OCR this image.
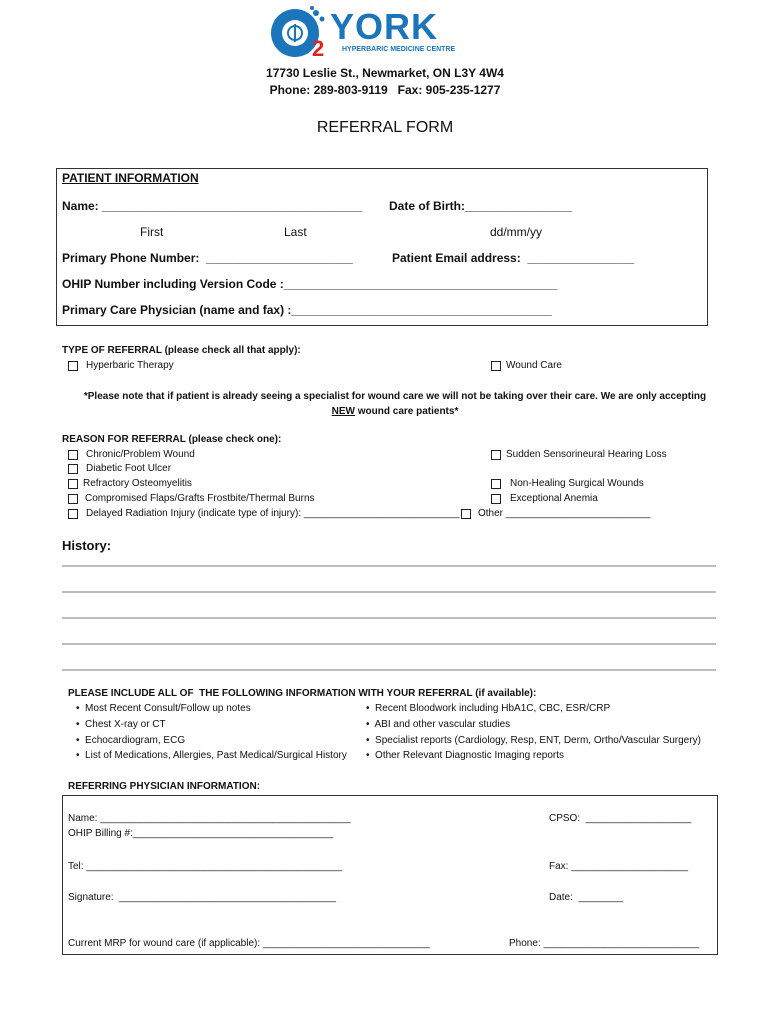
2
YORK
HYPERBARIC MEDICINE CENTRE
17730 Leslie St., Newmarket, ON L3Y 4W4
Phone: 289-803-9119   Fax: 905-235-1277
REFERRAL FORM
PATIENT INFORMATION
Name: _______________________________________ Date of Birth:________________
First	Last	dd/mm/yy
Primary Phone Number:  ______________________	Patient Email address:  ________________
OHIP Number including Version Code :_________________________________________
Primary Care Physician (name and fax) :_______________________________________
TYPE OF REFERRAL (please check all that apply):
Hyperbaric Therapy	Wound Care
*Please note that if patient is already seeing a specialist for wound care we will not be taking over their care. We are only accepting
NEW wound care patients*
REASON FOR REFERRAL (please check one):
Chronic/Problem Wound
Diabetic Foot Ulcer
Refractory Osteomyelitis
Compromised Flaps/Grafts Frostbite/Thermal Burns
Delayed Radiation Injury (indicate type of injury): ____________________________
Sudden Sensorineural Hearing Loss
Non-Healing Surgical Wounds
Exceptional Anemia
Other __________________________
History:
PLEASE INCLUDE ALL OF  THE FOLLOWING INFORMATION WITH YOUR REFERRAL (if available):
•  Most Recent Consult/Follow up notes
•  Chest X-ray or CT
•  Echocardiogram, ECG
•  List of Medications, Allergies, Past Medical/Surgical History
•  Recent Bloodwork including HbA1C, CBC, ESR/CRP
•  ABI and other vascular studies
•  Specialist reports (Cardiology, Resp, ENT, Derm, Ortho/Vascular Surgery)
•  Other Relevant Diagnostic Imaging reports
REFERRING PHYSICIAN INFORMATION:
Name: _____________________________________________	CPSO:  ___________________
OHIP Billing #:____________________________________
Tel: ______________________________________________	Fax: _____________________
Signature:  _______________________________________	Date:  ________
Current MRP for wound care (if applicable): ______________________________	Phone: ____________________________
